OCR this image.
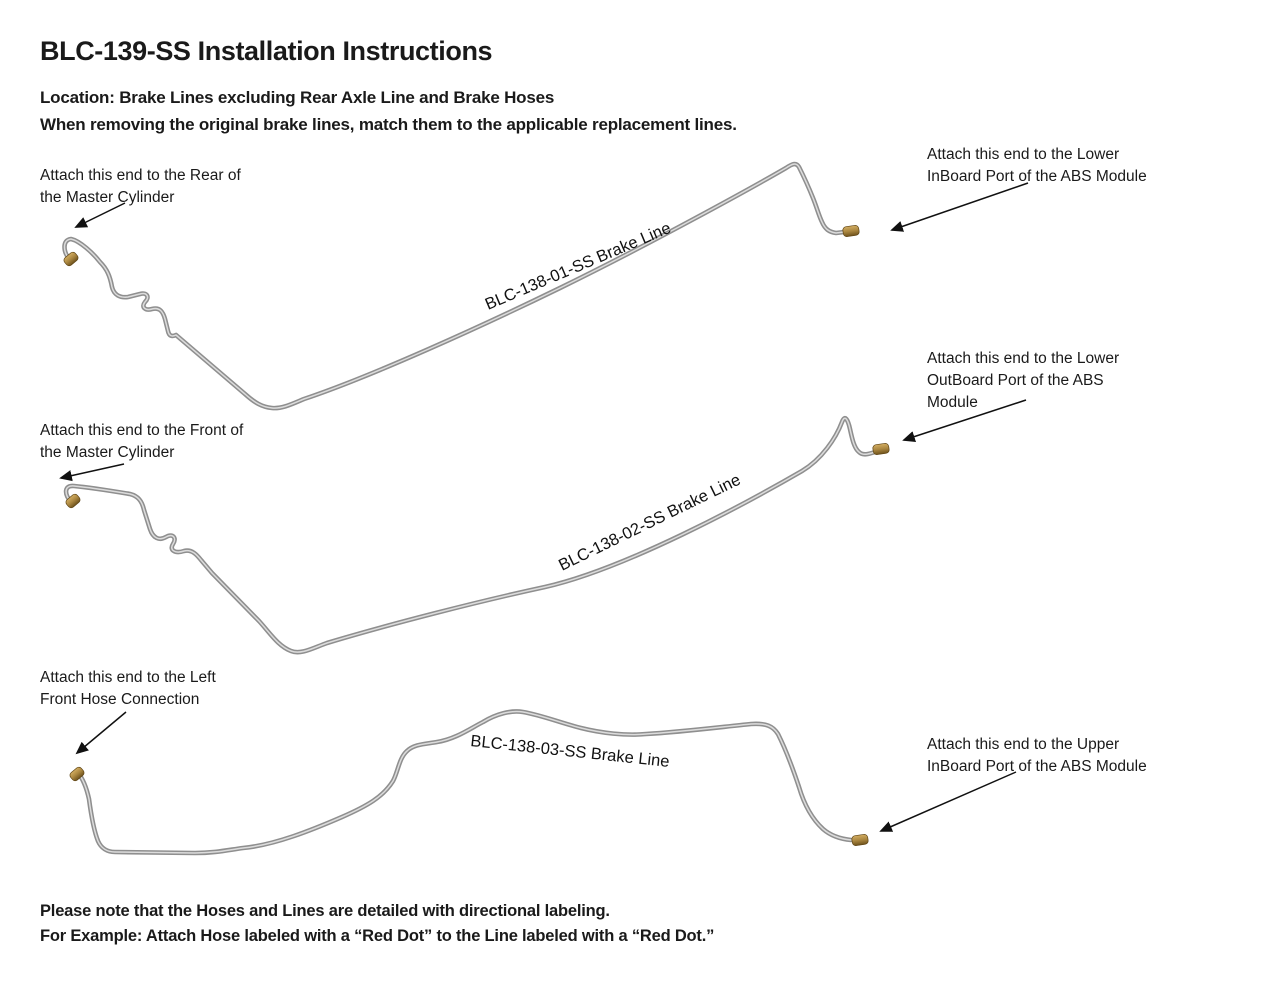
BLC-139-SS Installation Instructions
Location: Brake Lines excluding Rear Axle Line and Brake Hoses
When removing the original brake lines, match them to the applicable replacement lines.
BLC-138-01-SS Brake Line
BLC-138-02-SS Brake Line
BLC-138-03-SS Brake Line
Attach this end to the Rear of
the Master Cylinder
Attach this end to the Lower
InBoard Port of the ABS Module
Attach this end to the Lower
OutBoard Port of the ABS
Module
Attach this end to the Front of
the Master Cylinder
Attach this end to the Left
Front Hose Connection
Attach this end to the Upper
InBoard Port of the ABS Module
Please note that the Hoses and Lines are detailed with directional labeling.
For Example: Attach Hose labeled with a “Red Dot” to the Line labeled with a “Red Dot.”
